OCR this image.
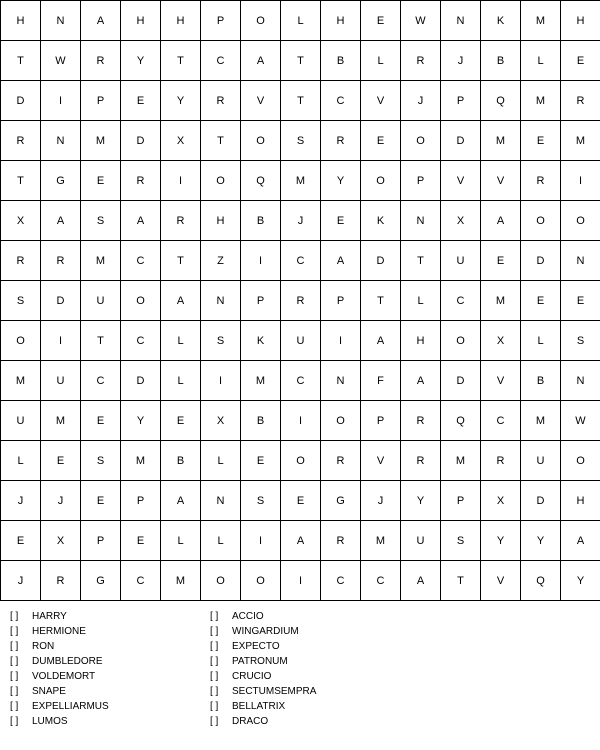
H	N	A	H	H	P	O	L	H	E	W	N	K	M	H
T	W	R	Y	T	C	A	T	B	L	R	J	B	L	E
D	I	P	E	Y	R	V	T	C	V	J	P	Q	M	R
R	N	M	D	X	T	O	S	R	E	O	D	M	E	M
T	G	E	R	I	O	Q	M	Y	O	P	V	V	R	I
X	A	S	A	R	H	B	J	E	K	N	X	A	O	O
R	R	M	C	T	Z	I	C	A	D	T	U	E	D	N
S	D	U	O	A	N	P	R	P	T	L	C	M	E	E
O	I	T	C	L	S	K	U	I	A	H	O	X	L	S
M	U	C	D	L	I	M	C	N	F	A	D	V	B	N
U	M	E	Y	E	X	B	I	O	P	R	Q	C	M	W
L	E	S	M	B	L	E	O	R	V	R	M	R	U	O
J	J	E	P	A	N	S	E	G	J	Y	P	X	D	H
E	X	P	E	L	L	I	A	R	M	U	S	Y	Y	A
J	R	G	C	M	O	O	I	C	C	A	T	V	Q	Y
[ ] HARRY
[ ] HERMIONE
[ ] RON
[ ] DUMBLEDORE
[ ] VOLDEMORT
[ ] SNAPE
[ ] EXPELLIARMUS
[ ] LUMOS
[ ] ACCIO
[ ] WINGARDIUM
[ ] EXPECTO
[ ] PATRONUM
[ ] CRUCIO
[ ] SECTUMSEMPRA
[ ] BELLATRIX
[ ] DRACO
